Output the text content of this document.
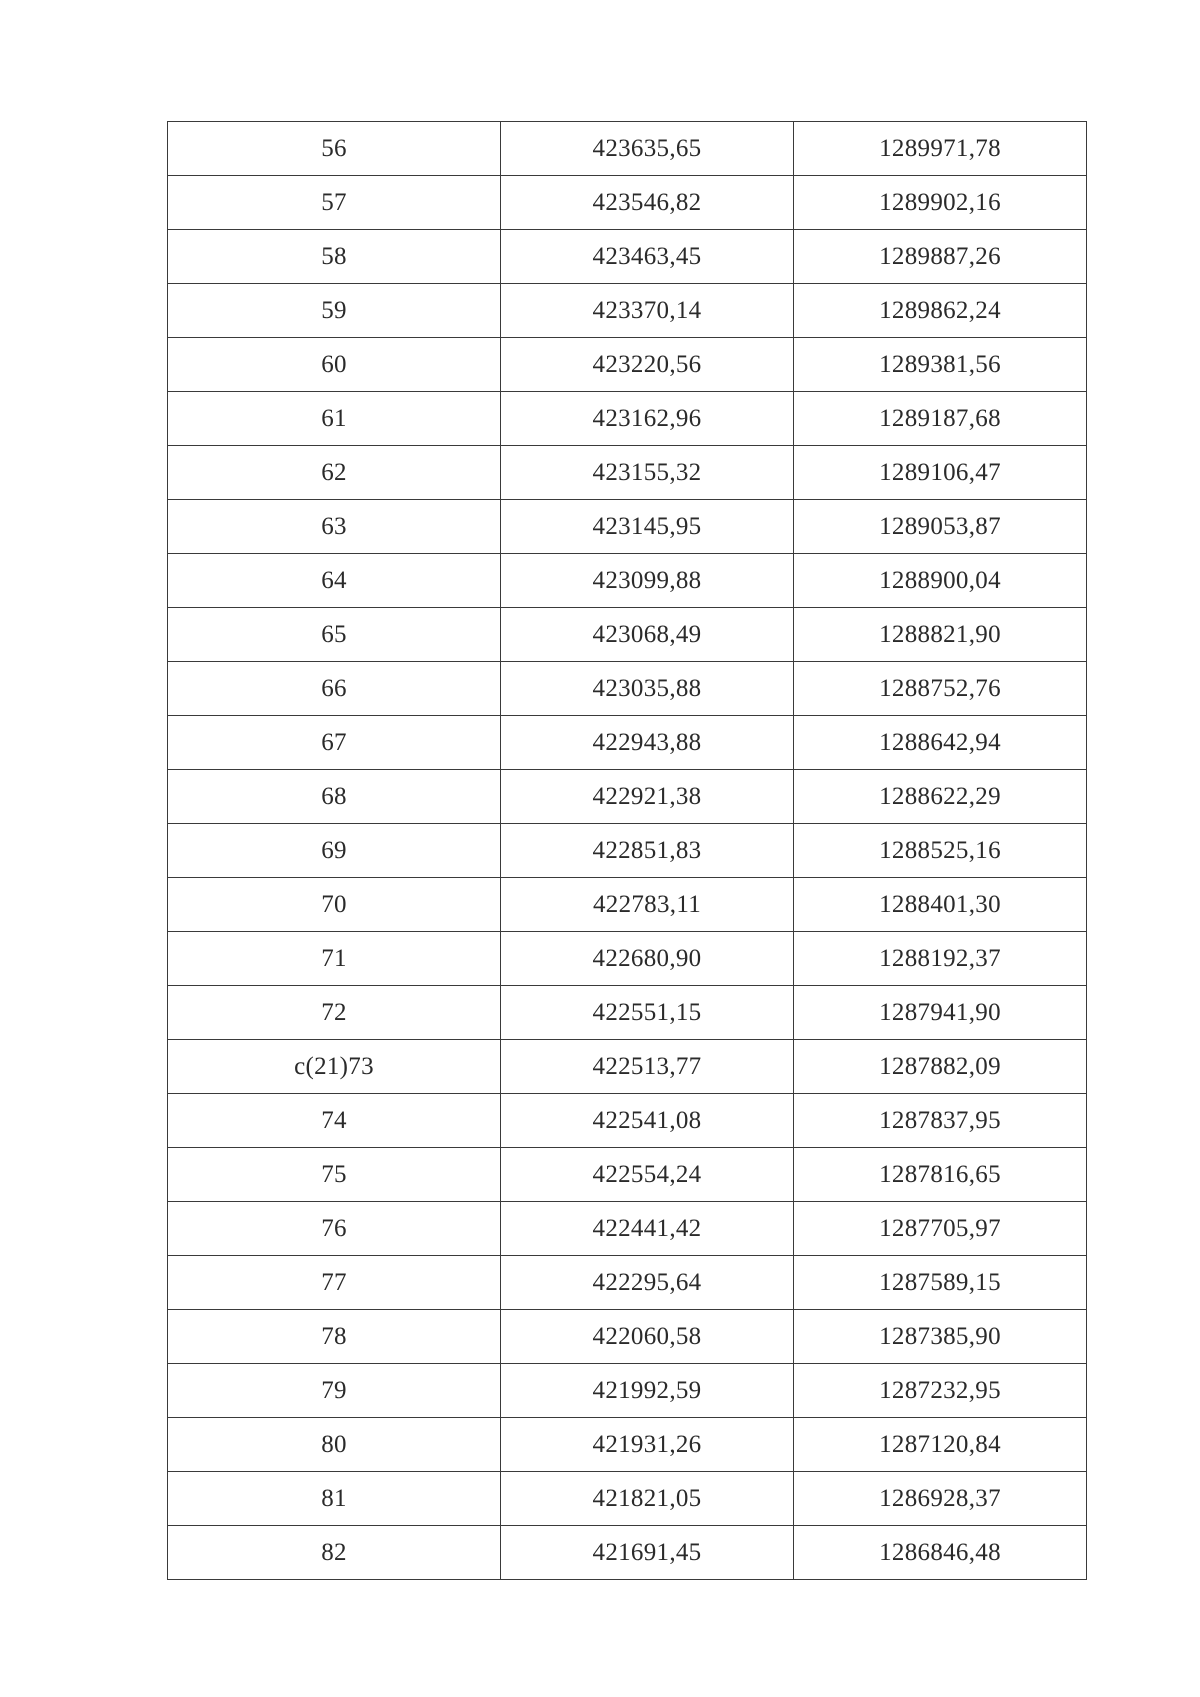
56	423635,65	1289971,78
57	423546,82	1289902,16
58	423463,45	1289887,26
59	423370,14	1289862,24
60	423220,56	1289381,56
61	423162,96	1289187,68
62	423155,32	1289106,47
63	423145,95	1289053,87
64	423099,88	1288900,04
65	423068,49	1288821,90
66	423035,88	1288752,76
67	422943,88	1288642,94
68	422921,38	1288622,29
69	422851,83	1288525,16
70	422783,11	1288401,30
71	422680,90	1288192,37
72	422551,15	1287941,90
c(21)73	422513,77	1287882,09
74	422541,08	1287837,95
75	422554,24	1287816,65
76	422441,42	1287705,97
77	422295,64	1287589,15
78	422060,58	1287385,90
79	421992,59	1287232,95
80	421931,26	1287120,84
81	421821,05	1286928,37
82	421691,45	1286846,48
